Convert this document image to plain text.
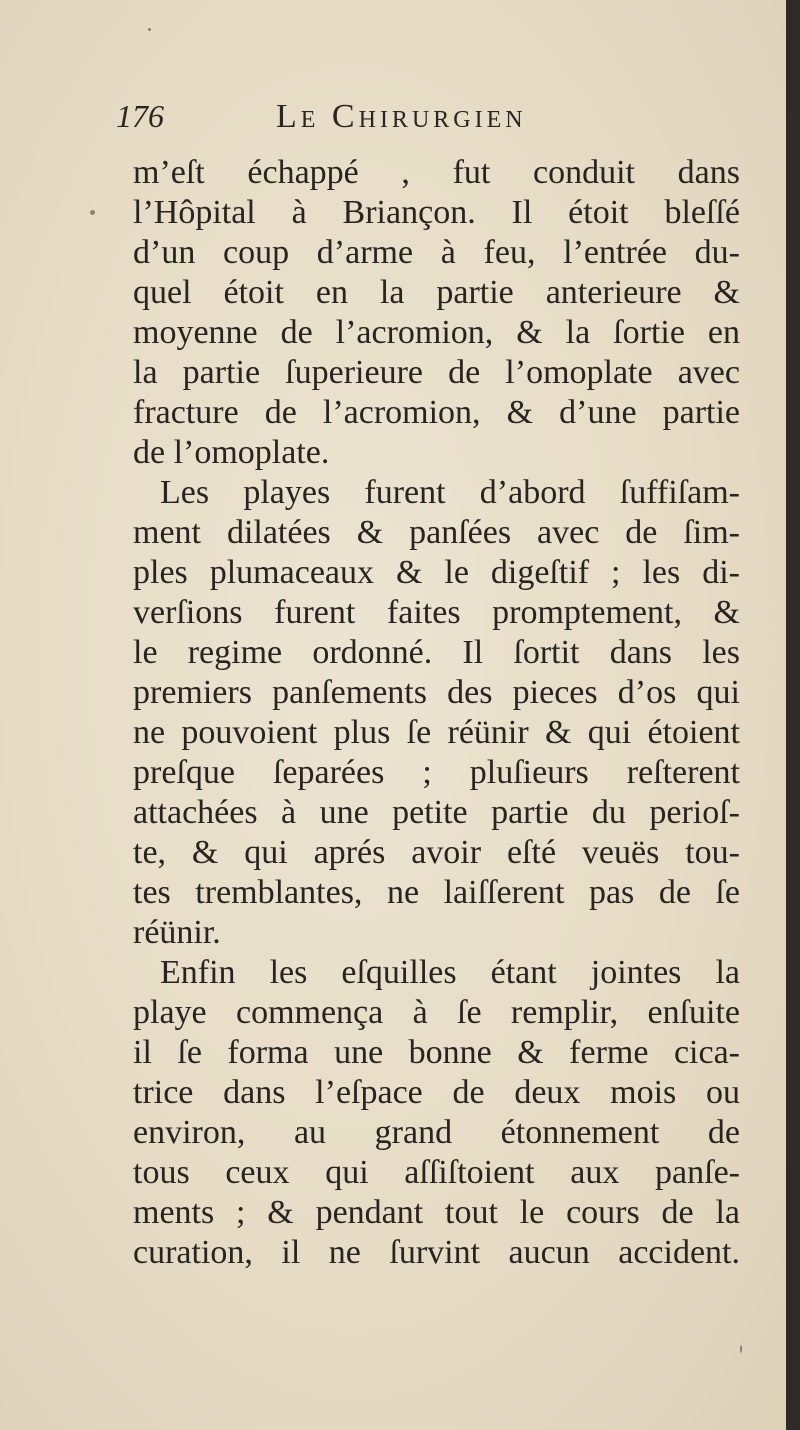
176	Le Chirurgien
m’eſt échappé , fut conduit dans
l’Hôpital à Briançon. Il étoit bleſſé
d’un coup d’arme à feu, l’entrée du-
quel étoit en la partie anterieure &
moyenne de l’acromion, & la ſortie en
la partie ſuperieure de l’omoplate avec
fracture de l’acromion, & d’une partie
de l’omoplate.
Les playes furent d’abord ſuffiſam-
ment dilatées & panſées avec de ſim-
ples plumaceaux & le digeſtif ; les di-
verſions furent faites promptement, &
le regime ordonné. Il ſortit dans les
premiers panſements des pieces d’os qui
ne pouvoient plus ſe réünir & qui étoient
preſque ſeparées ; pluſieurs reſterent
attachées à une petite partie du perioſ-
te, & qui aprés avoir eſté veuës tou-
tes tremblantes, ne laiſſerent pas de ſe
réünir.
Enfin les eſquilles étant jointes la
playe commença à ſe remplir, enſuite
il ſe forma une bonne & ferme cica-
trice dans l’eſpace de deux mois ou
environ, au grand étonnement de
tous ceux qui aſſiſtoient aux panſe-
ments ; & pendant tout le cours de la
curation, il ne ſurvint aucun accident.
